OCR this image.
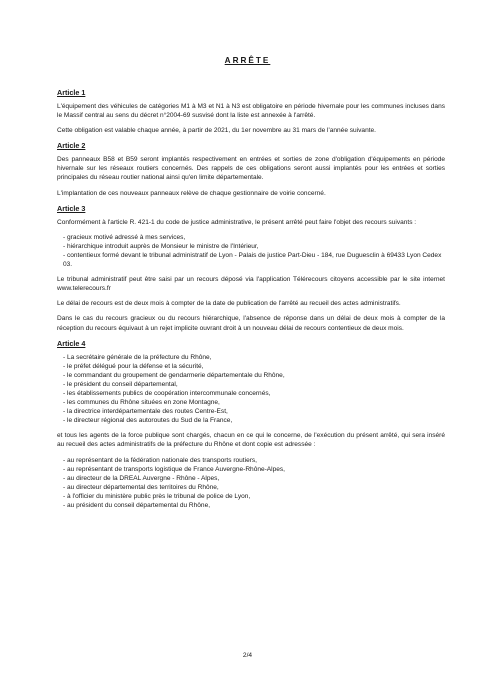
ARRÊTE
Article 1

L'équipement des véhicules de catégories M1 à M3 et N1 à N3 est obligatoire en période hivernale pour les communes incluses dans le Massif central au sens du décret n°2004-69 susvisé dont la liste est annexée à l'arrêté.

Cette obligation est valable chaque année, à partir de 2021, du 1er novembre au 31 mars de l'année suivante.

Article 2

Des panneaux B58 et B59 seront implantés respectivement en entrées et sorties de zone d'obligation d'équipements en période hivernale sur les réseaux routiers concernés. Des rappels de ces obligations seront aussi implantés pour les entrées et sorties principales du réseau routier national ainsi qu'en limite départementale.

L'implantation de ces nouveaux panneaux relève de chaque gestionnaire de voirie concerné.

Article 3

Conformément à l'article R. 421-1 du code de justice administrative, le présent arrêté peut faire l'objet des recours suivants :

- gracieux motivé adressé à mes services,
- hiérarchique introduit auprès de Monsieur le ministre de l'Intérieur,
- contentieux formé devant le tribunal administratif de Lyon - Palais de justice Part-Dieu - 184, rue Duguesclin à 69433 Lyon Cedex 03.

Le tribunal administratif peut être saisi par un recours déposé via l'application Télérecours citoyens accessible par le site internet www.telerecours.fr

Le délai de recours est de deux mois à compter de la date de publication de l'arrêté au recueil des actes administratifs.

Dans le cas du recours gracieux ou du recours hiérarchique, l'absence de réponse dans un délai de deux mois à compter de la réception du recours équivaut à un rejet implicite ouvrant droit à un nouveau délai de recours contentieux de deux mois.

Article 4
- La secrétaire générale de la préfecture du Rhône,
- le préfet délégué pour la défense et la sécurité,
- le commandant du groupement de gendarmerie départementale du Rhône,
- le président du conseil départemental,
- les établissements publics de coopération intercommunale concernés,
- les communes du Rhône situées en zone Montagne,
- la directrice interdépartementale des routes Centre-Est,
- le directeur régional des autoroutes du Sud de la France,

et tous les agents de la force publique sont chargés, chacun en ce qui le concerne, de l'exécution du présent arrêté, qui sera inséré au recueil des actes administratifs de la préfecture du Rhône et dont copie est adressée :

- au représentant de la fédération nationale des transports routiers,
- au représentant de transports logistique de France Auvergne-Rhône-Alpes,
- au directeur de la DREAL Auvergne - Rhône - Alpes,
- au directeur départemental des territoires du Rhône,
- à l'officier du ministère public près le tribunal de police de Lyon,
- au président du conseil départemental du Rhône,
2/4
